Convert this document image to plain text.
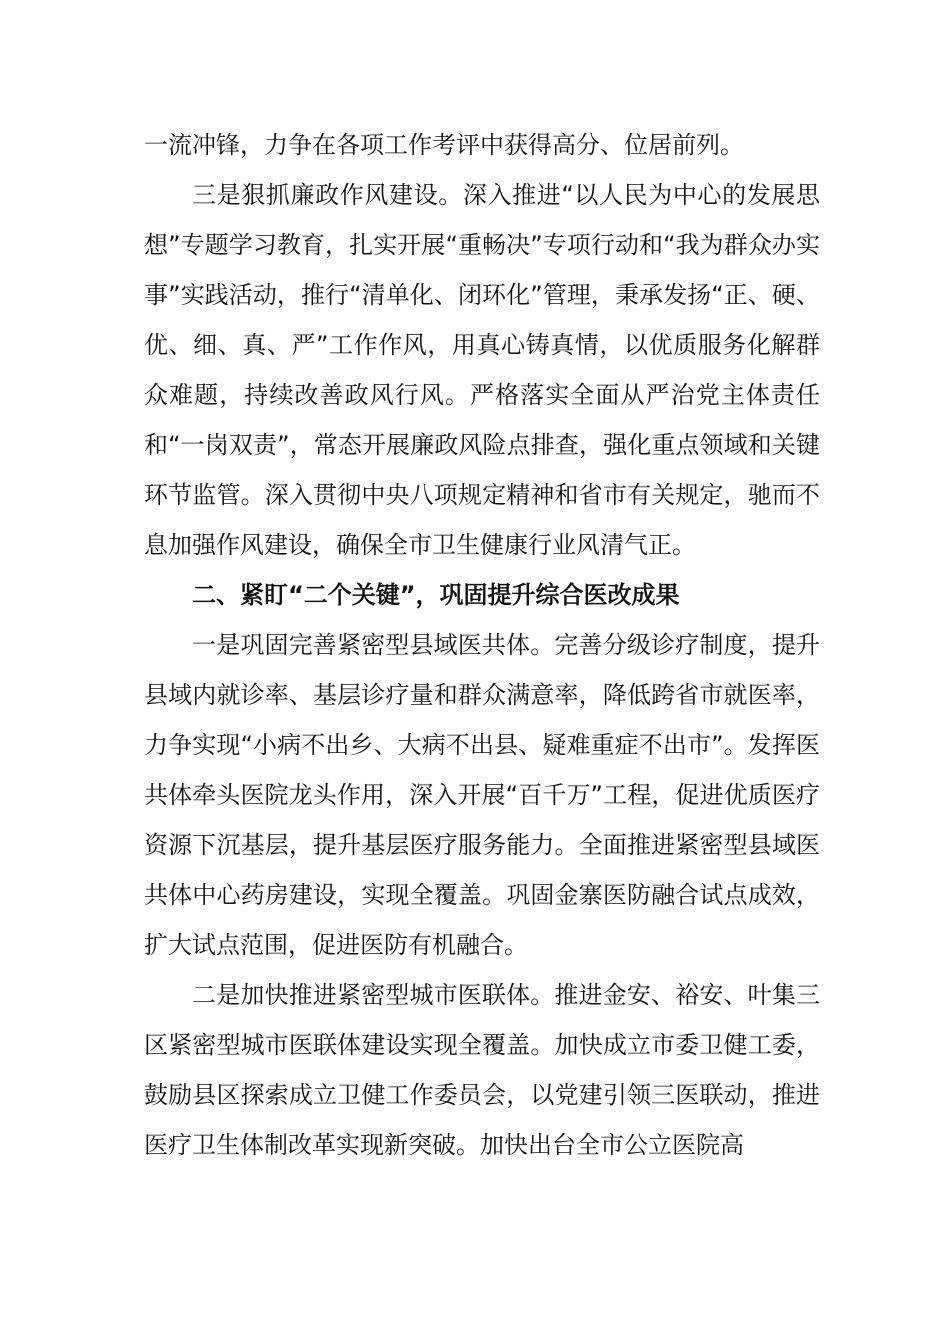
一流冲锋，力争在各项工作考评中获得高分、位居前列。

三是狠抓廉政作风建设。深入推进“以人民为中心的发展思想”专题学习教育，扎实开展“重畅决”专项行动和“我为群众办实事”实践活动，推行“清单化、闭环化”管理，秉承发扬“正、硬、优、细、真、严”工作作风，用真心铸真情，以优质服务化解群众难题，持续改善政风行风。严格落实全面从严治党主体责任和“一岗双责”，常态开展廉政风险点排查，强化重点领域和关键环节监管。深入贯彻中央八项规定精神和省市有关规定，驰而不息加强作风建设，确保全市卫生健康行业风清气正。

二、紧盯“二个关键”，巩固提升综合医改成果

一是巩固完善紧密型县域医共体。完善分级诊疗制度，提升县域内就诊率、基层诊疗量和群众满意率，降低跨省市就医率，力争实现“小病不出乡、大病不出县、疑难重症不出市”。发挥医共体牵头医院龙头作用，深入开展“百千万”工程，促进优质医疗资源下沉基层，提升基层医疗服务能力。全面推进紧密型县域医共体中心药房建设，实现全覆盖。巩固金寨医防融合试点成效，扩大试点范围，促进医防有机融合。

二是加快推进紧密型城市医联体。推进金安、裕安、叶集三区紧密型城市医联体建设实现全覆盖。加快成立市委卫健工委，鼓励县区探索成立卫健工作委员会，以党建引领三医联动，推进医疗卫生体制改革实现新突破。加快出台全市公立医院高
